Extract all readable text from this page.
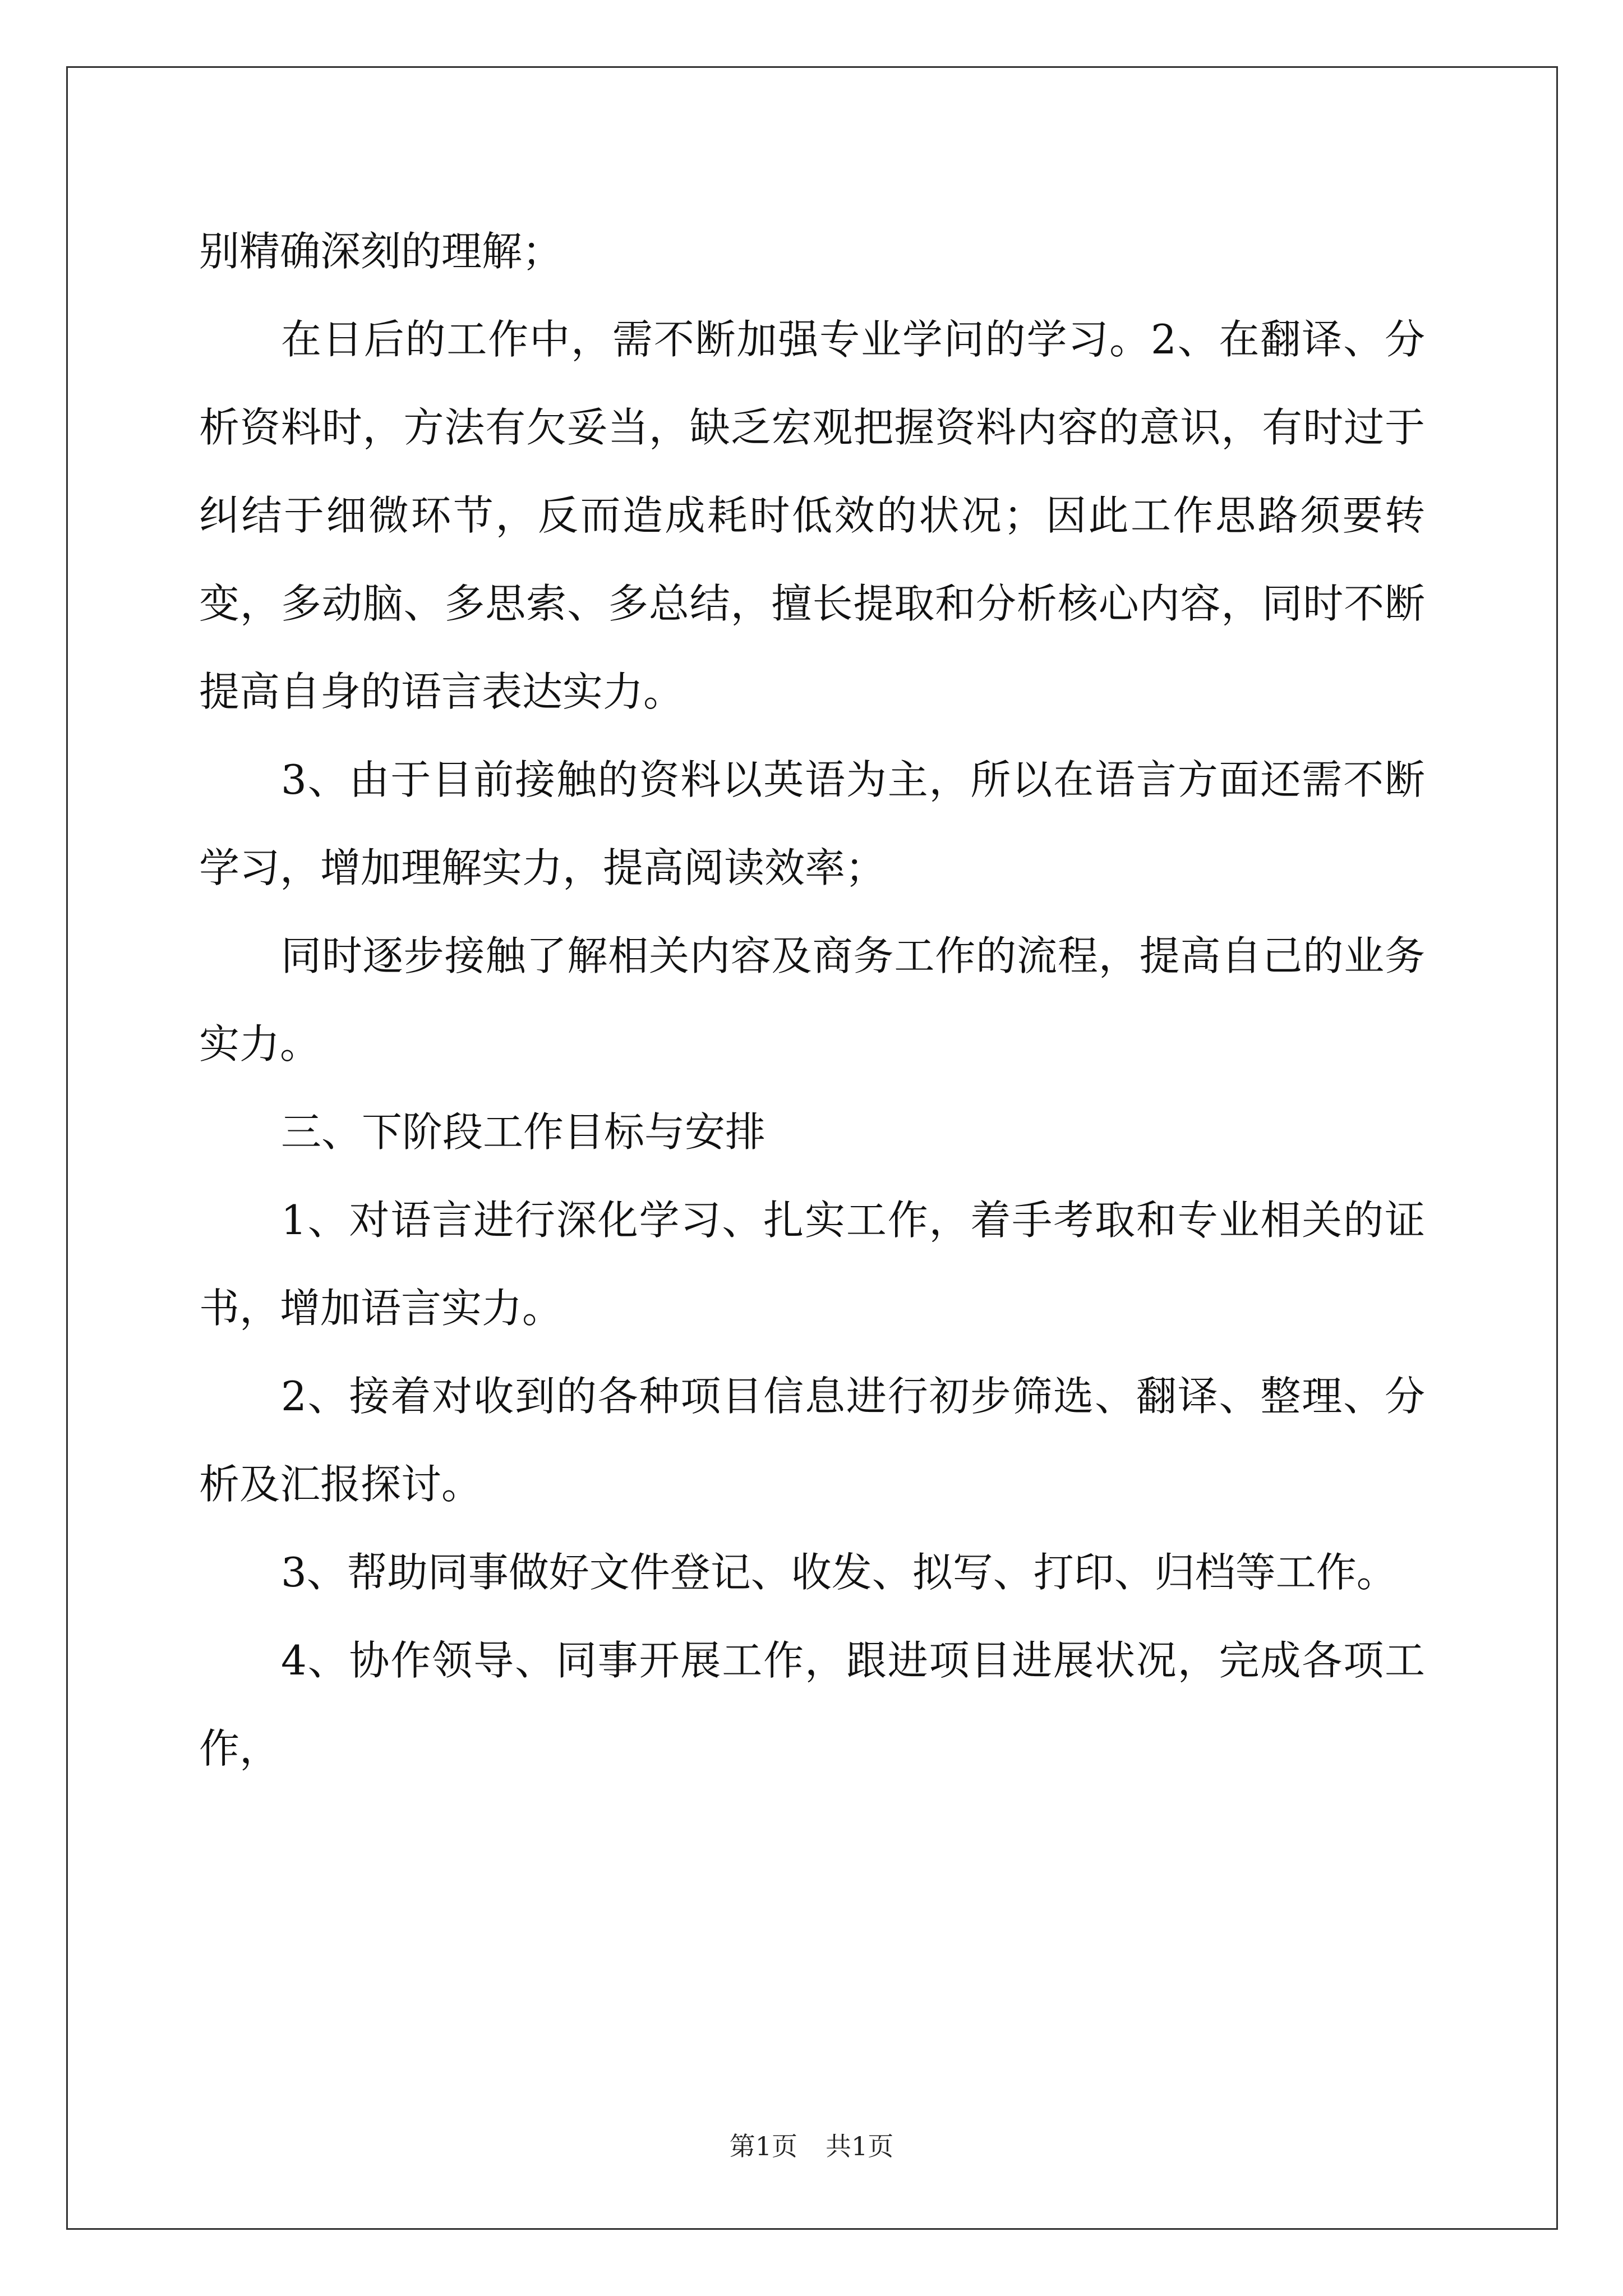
别精确深刻的理解；

在日后的工作中，需不断加强专业学问的学习。2、在翻译、分析资料时，方法有欠妥当，缺乏宏观把握资料内容的意识，有时过于纠结于细微环节，反而造成耗时低效的状况；因此工作思路须要转变，多动脑、多思索、多总结，擅长提取和分析核心内容，同时不断提高自身的语言表达实力。

3、由于目前接触的资料以英语为主，所以在语言方面还需不断学习，增加理解实力，提高阅读效率；

同时逐步接触了解相关内容及商务工作的流程，提高自己的业务实力。

三、下阶段工作目标与安排

1、对语言进行深化学习、扎实工作，着手考取和专业相关的证书，增加语言实力。

2、接着对收到的各种项目信息进行初步筛选、翻译、整理、分析及汇报探讨。

3、帮助同事做好文件登记、收发、拟写、打印、归档等工作。

4、协作领导、同事开展工作，跟进项目进展状况，完成各项工作，

第1页 共1页
